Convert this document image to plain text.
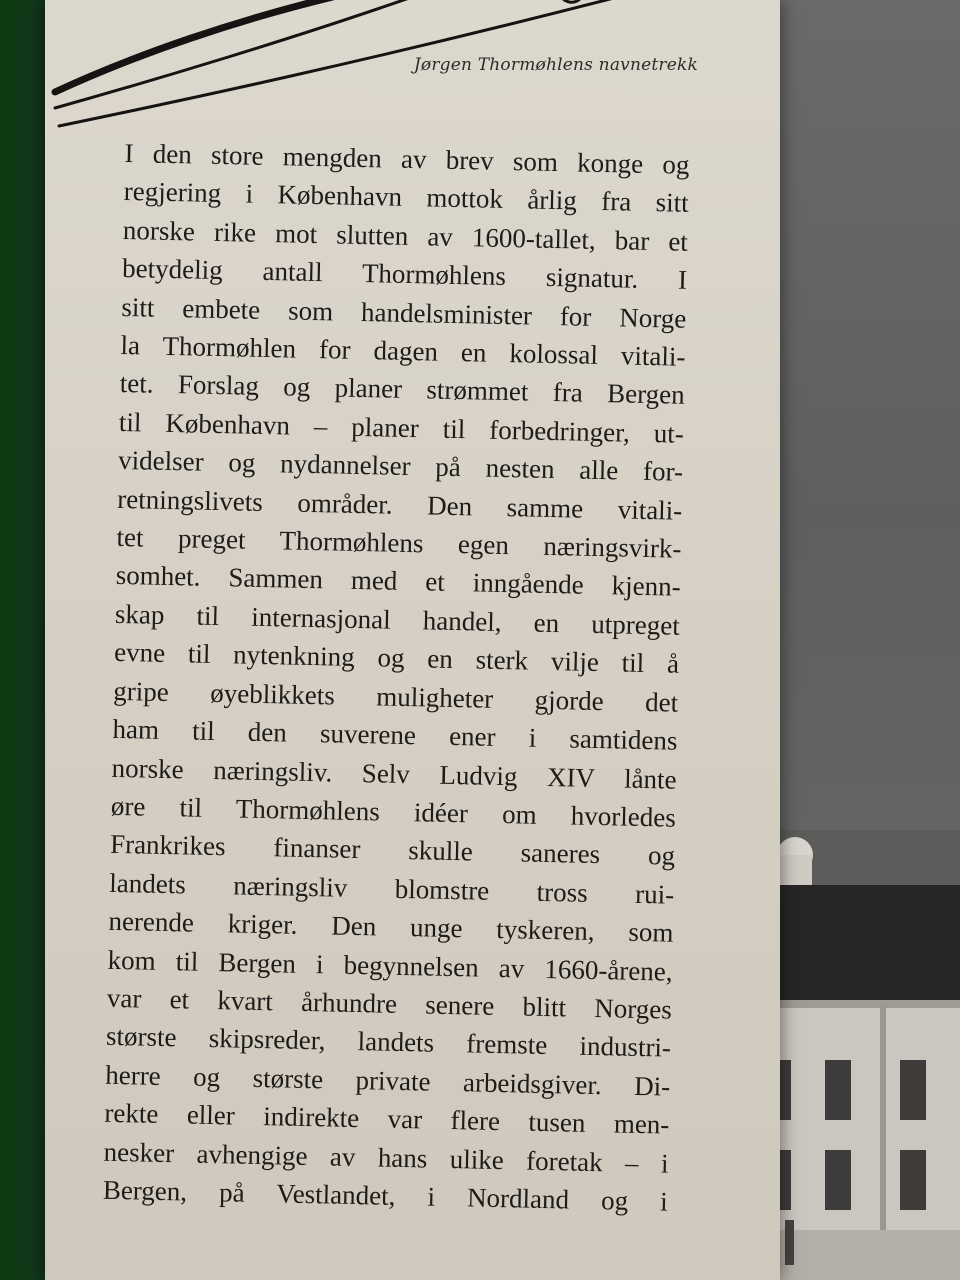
Jørgen Thormøhlens navnetrekk
I den store mengden av brev som konge og
regjering i København mottok årlig fra sitt
norske rike mot slutten av 1600-tallet, bar et
betydelig antall Thormøhlens signatur. I
sitt embete som handelsminister for Norge
la Thormøhlen for dagen en kolossal vitali-
tet. Forslag og planer strømmet fra Bergen
til København – planer til forbedringer, ut-
videlser og nydannelser på nesten alle for-
retningslivets områder. Den samme vitali-
tet preget Thormøhlens egen næringsvirk-
somhet. Sammen med et inngående kjenn-
skap til internasjonal handel, en utpreget
evne til nytenkning og en sterk vilje til å
gripe øyeblikkets muligheter gjorde det
ham til den suverene ener i samtidens
norske næringsliv. Selv Ludvig XIV lånte
øre til Thormøhlens idéer om hvorledes
Frankrikes finanser skulle saneres og
landets næringsliv blomstre tross rui-
nerende kriger. Den unge tyskeren, som
kom til Bergen i begynnelsen av 1660-årene,
var et kvart århundre senere blitt Norges
største skipsreder, landets fremste industri-
herre og største private arbeidsgiver. Di-
rekte eller indirekte var flere tusen men-
nesker avhengige av hans ulike foretak – i
Bergen, på Vestlandet, i Nordland og i
